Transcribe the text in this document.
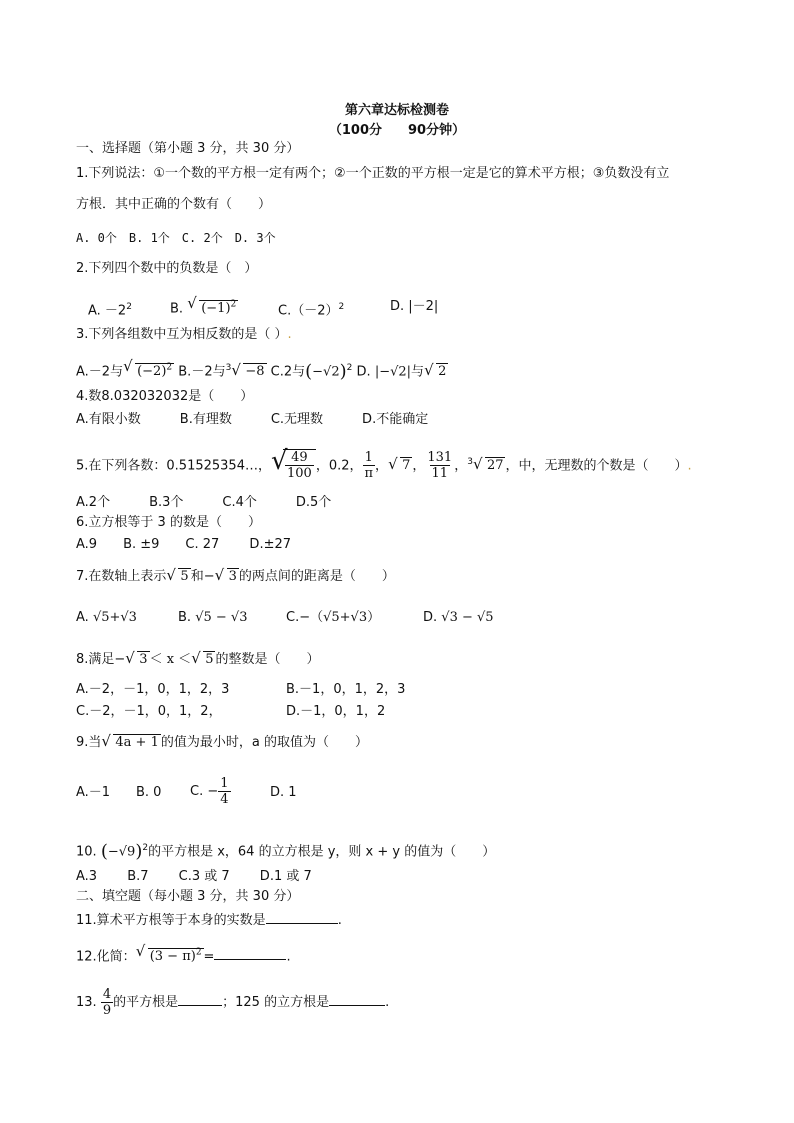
第六章达标检测卷
（100分　　90分钟）
一、选择题（第小题 3 分，共 30 分）
1.下列说法：①一个数的平方根一定有两个；②一个正数的平方根一定是它的算术平方根；③负数没有立
方根．其中正确的个数有（　　）
A. 0个　B. 1个　C. 2个　D. 3个
2.下列四个数中的负数是（　）
A. $-2^2$	B. √ $(-1)^2$	$C.(-2)^2$	D. |－2|
3.下列各组数中互为相反数的是（ ）.
A.－2与 √ $(-2)^2$ B.－2与$^3$ √ −8 C.2与$(-√2)^2$ D. |−√2|与 √ 2
4.数8.032032032是（　　）
A.有限小数　　　B.有理数　　　C.无理数　　　D.不能确定
5.在下列各数：0.51525354…， √
$\frac{49}{100}$ ，0.2， $\frac{1}{\pi}$ ， √ 7 ， $\frac{131}{11}$ ，$^3$ √ 27 ，中，无理数的个数是（　　）.
A.2个　　　B.3个　　　C.4个　　　D.5个
6.立方根等于 3 的数是（　　）
A.9　　B. ±9　　C. 27　　 D.±27
7.在数轴上表示 √ 5 和− √ 3 的两点间的距离是（　　）
A. √5+√3	B. √5 − √3	C.−（√5+√3）	D. √3 − √5
8.满足− √ 3 ＜ x ＜ √ 5 的整数是（　　）
A.－2，－1，0，1，2，3	B.－1，0，1，2，3
C.－2，－1，0，1，2，	D.－1，0，1，2
9.当 √ 4a + 1 的值为最小时，a 的取值为（　　）
A.－1 B. 0 C. − $\frac{1}{4}$	D. 1
10. $(-√9)^2$的平方根是 x，64 的立方根是 y，则 x + y 的值为（　　）
A.3　　 B.7　　 C.3 或 7　　 D.1 或 7
二、填空题（每小题 3 分，共 30 分）
11.算术平方根等于本身的实数是	.
12.化简： √ $(3 - \pi)^2$ =	.
13. $\frac{4}{9}$ 的平方根是	；125 的立方根是	.
